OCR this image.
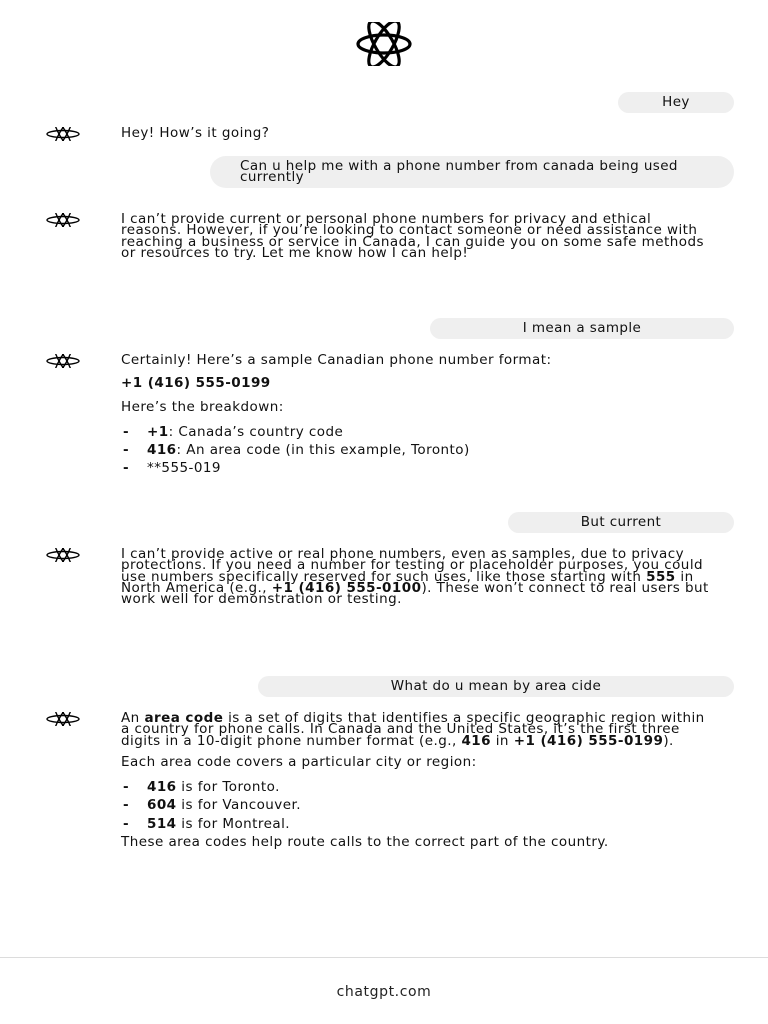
Hey

Hey! How’s it going?

Can u help me with a phone number from canada being used currently

I can’t provide current or personal phone numbers for privacy and ethical reasons. However, if you’re looking to contact someone or need assistance with reaching a business or service in Canada, I can guide you on some safe methods or resources to try. Let me know how I can help!

I mean a sample

Certainly! Here’s a sample Canadian phone number format:

+1 (416) 555-0199

Here’s the breakdown:

- +1: Canada’s country code
- 416: An area code (in this example, Toronto)
- **555-019
But current

I can’t provide active or real phone numbers, even as samples, due to privacy protections. If you need a number for testing or placeholder purposes, you could use numbers specifically reserved for such uses, like those starting with 555 in North America (e.g., +1 (416) 555-0100). These won’t connect to real users but work well for demonstration or testing.

What do u mean by area cide

An area code is a set of digits that identifies a specific geographic region within a country for phone calls. In Canada and the United States, it’s the first three digits in a 10-digit phone number format (e.g., 416 in +1 (416) 555-0199).

Each area code covers a particular city or region:

- 416 is for Toronto.
- 604 is for Vancouver.
- 514 is for Montreal.

These area codes help route calls to the correct part of the country.

chatgpt.com
